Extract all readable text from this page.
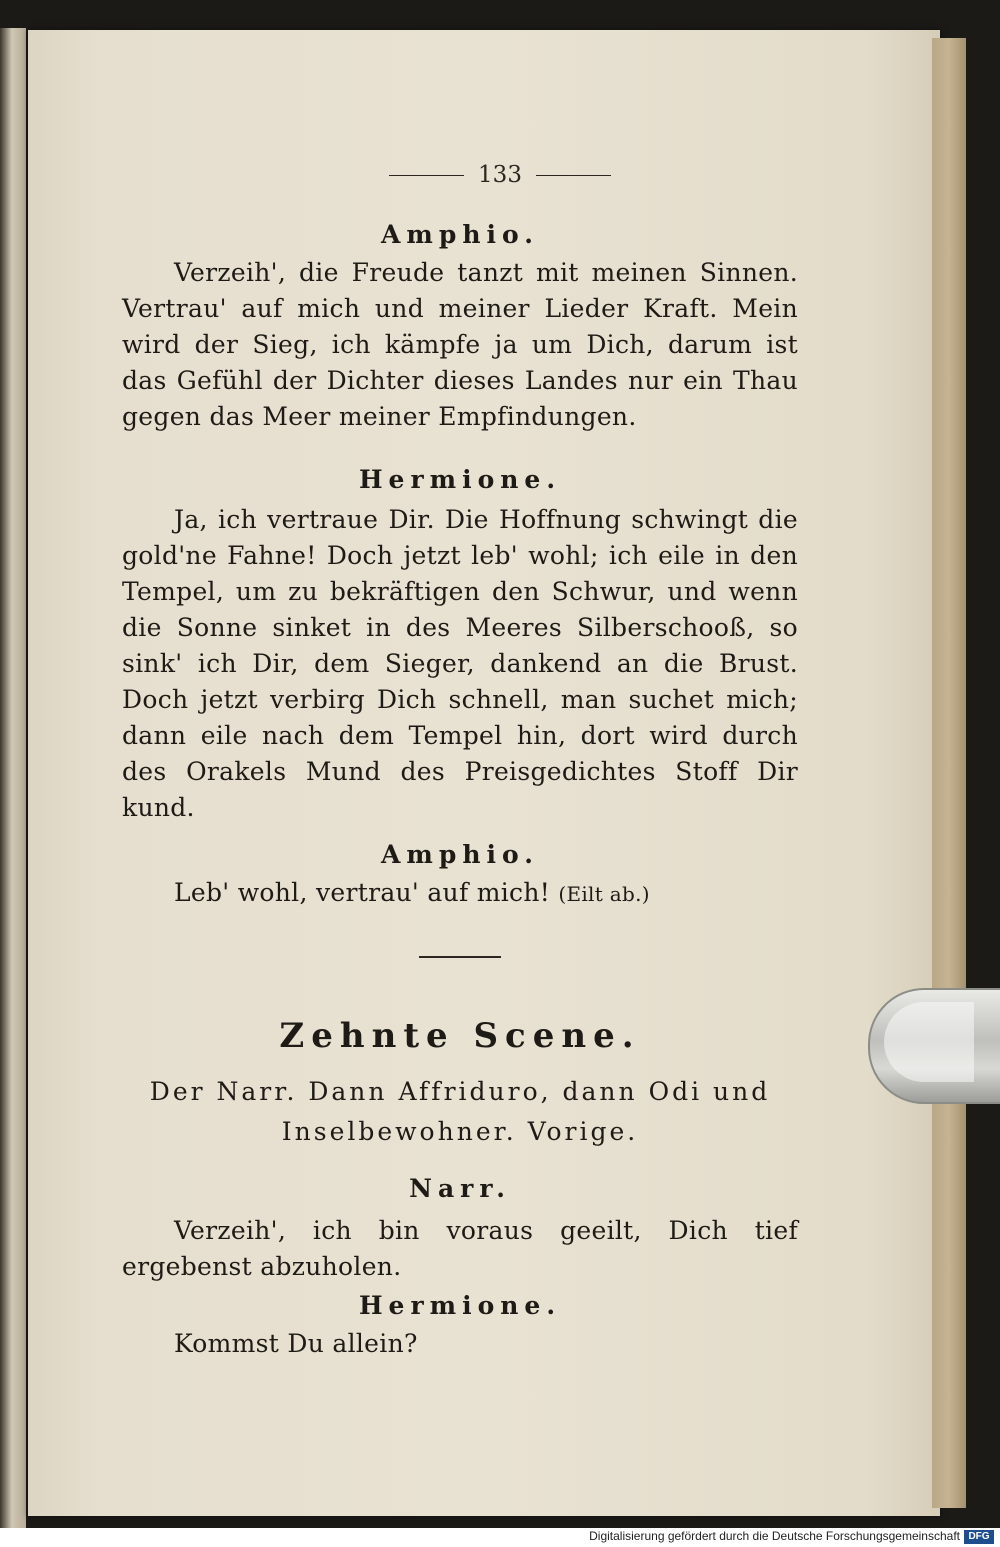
133

Amphio.

Verzeih', die Freude tanzt mit meinen Sinnen. Vertrau' auf mich und meiner Lieder Kraft. Mein wird der Sieg, ich kämpfe ja um Dich, darum ist das Gefühl der Dichter dieses Landes nur ein Thau gegen das Meer meiner Empfindungen.

Hermione.

Ja, ich vertraue Dir. Die Hoffnung schwingt die gold'ne Fahne! Doch jetzt leb' wohl; ich eile in den Tempel, um zu bekräftigen den Schwur, und wenn die Sonne sinket in des Meeres Silberschooß, so sink' ich Dir, dem Sieger, dankend an die Brust. Doch jetzt verbirg Dich schnell, man suchet mich; dann eile nach dem Tempel hin, dort wird durch des Orakels Mund des Preisgedichtes Stoff Dir kund.

Amphio.

Leb' wohl, vertrau' auf mich! (Eilt ab.)

Zehnte Scene.

Der Narr. Dann Affriduro, dann Odi und Inselbewohner. Vorige.

Narr.

Verzeih', ich bin voraus geeilt, Dich tief ergebenst abzuholen.

Hermione.

Kommst Du allein?

Digitalisierung gefördert durch die Deutsche Forschungsgemeinschaft DFG
